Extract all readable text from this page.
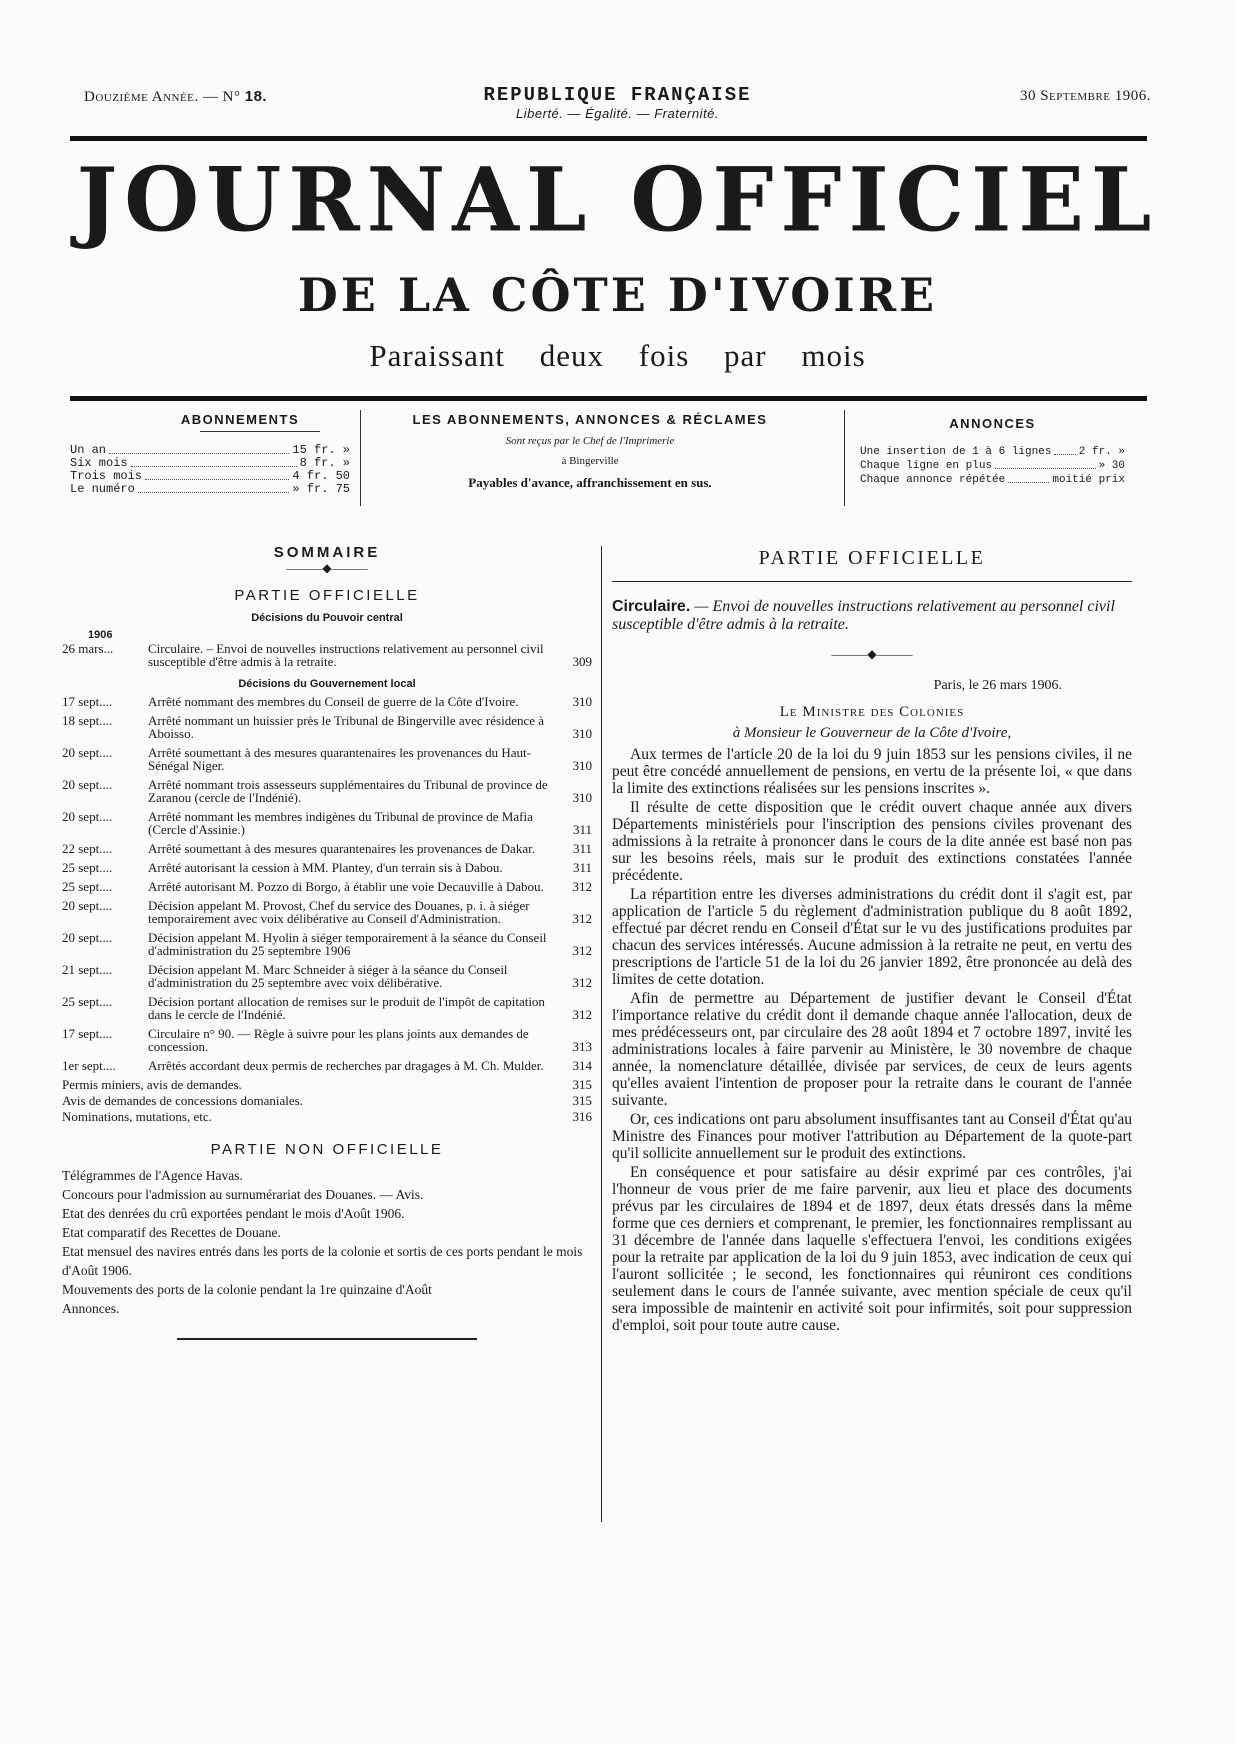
Douzième Année. — N° 18.	REPUBLIQUE FRANÇAISE
Liberté. — Égalité. — Fraternité.
30 Septembre 1906.
JOURNAL OFFICIEL
DE LA CÔTE D'IVOIRE
Paraissant deux fois par mois
ABONNEMENTS
Un an	15 fr. »
Six mois	8 fr. »
Trois mois	4 fr. 50
Le numéro	» fr. 75
LES ABONNEMENTS, ANNONCES & RÉCLAMES
Sont reçus par le Chef de l'Imprimerie
à Bingerville
Payables d'avance, affranchissement en sus.
ANNONCES
Une insertion de 1 à 6 lignes 2 fr. »
Chaque ligne en plus	» 30
Chaque annonce répétée	moitié prix
SOMMAIRE
———◆———
PARTIE OFFICIELLE
Décisions du Pouvoir central
1906
26 mars...	Circulaire. – Envoi de nouvelles instructions relativement au personnel civil susceptible d'être admis à la retraite.	309
Décisions du Gouvernement local
17 sept....	Arrêté nommant des membres du Conseil de guerre de la Côte d'Ivoire.	310
18 sept....	Arrêté nommant un huissier près le Tribunal de Bingerville avec résidence à Aboisso.	310
20 sept....	Arrêté soumettant à des mesures quarantenaires les provenances du Haut-Sénégal Niger.	310
20 sept....	Arrêté nommant trois assesseurs supplémentaires du Tribunal de province de Zaranou (cercle de l'Indénié).	310
20 sept....	Arrêté nommant les membres indigènes du Tribunal de province de Mafia (Cercle d'Assinie.)	311
22 sept....	Arrêté soumettant à des mesures quarantenaires les provenances de Dakar.	311
25 sept....	Arrêté autorisant la cession à MM. Plantey, d'un terrain sis à Dabou.	311
25 sept....	Arrêté autorisant M. Pozzo di Borgo, à établir une voie Decauville à Dabou.	312
20 sept....	Décision appelant M. Provost, Chef du service des Douanes, p. i. à siéger temporairement avec voix délibérative au Conseil d'Administration.	312
20 sept....	Décision appelant M. Hyolin à siéger temporairement à la séance du Conseil d'administration du 25 septembre 1906	312
21 sept....	Décision appelant M. Marc Schneider à siéger à la séance du Conseil d'administration du 25 septembre avec voix délibérative.	312
25 sept....	Décision portant allocation de remises sur le produit de l'impôt de capitation dans le cercle de l'Indénié.	312
17 sept....	Circulaire n° 90. — Règle à suivre pour les plans joints aux demandes de concession.	313
1er sept....	Arrêtés accordant deux permis de recherches par dragages à M. Ch. Mulder.	314
Permis miniers, avis de demandes.	315
Avis de demandes de concessions domaniales.	315
Nominations, mutations, etc.	316
PARTIE NON OFFICIELLE
Télégrammes de l'Agence Havas.
Concours pour l'admission au surnumérariat des Douanes. — Avis.
Etat des denrées du crû exportées pendant le mois d'Août 1906.
Etat comparatif des Recettes de Douane.
Etat mensuel des navires entrés dans les ports de la colonie et sortis de ces ports pendant le mois d'Août 1906.
Mouvements des ports de la colonie pendant la 1re quinzaine d'Août
Annonces.
PARTIE OFFICIELLE
Circulaire. — Envoi de nouvelles instructions relativement au personnel civil susceptible d'être admis à la retraite.
———◆———
Paris, le 26 mars 1906.
Le Ministre des Colonies
à Monsieur le Gouverneur de la Côte d'Ivoire,

Aux termes de l'article 20 de la loi du 9 juin 1853 sur les pensions civiles, il ne peut être concédé annuellement de pensions, en vertu de la présente loi, « que dans la limite des extinctions réalisées sur les pensions inscrites ».

Il résulte de cette disposition que le crédit ouvert chaque année aux divers Départements ministériels pour l'inscription des pensions civiles provenant des admissions à la retraite à prononcer dans le cours de la dite année est basé non pas sur les besoins réels, mais sur le produit des extinctions constatées l'année précédente.

La répartition entre les diverses administrations du crédit dont il s'agit est, par application de l'article 5 du règlement d'administration publique du 8 août 1892, effectué par décret rendu en Conseil d'État sur le vu des justifications produites par chacun des services intéressés. Aucune admission à la retraite ne peut, en vertu des prescriptions de l'article 51 de la loi du 26 janvier 1892, être prononcée au delà des limites de cette dotation.

Afin de permettre au Département de justifier devant le Conseil d'État l'importance relative du crédit dont il demande chaque année l'allocation, deux de mes prédécesseurs ont, par circulaire des 28 août 1894 et 7 octobre 1897, invité les administrations locales à faire parvenir au Ministère, le 30 novembre de chaque année, la nomenclature détaillée, divisée par services, de ceux de leurs agents qu'elles avaient l'intention de proposer pour la retraite dans le courant de l'année suivante.

Or, ces indications ont paru absolument insuffisantes tant au Conseil d'État qu'au Ministre des Finances pour motiver l'attribution au Département de la quote-part qu'il sollicite annuellement sur le produit des extinctions.

En conséquence et pour satisfaire au désir exprimé par ces contrôles, j'ai l'honneur de vous prier de me faire parvenir, aux lieu et place des documents prévus par les circulaires de 1894 et de 1897, deux états dressés dans la même forme que ces derniers et comprenant, le premier, les fonctionnaires remplissant au 31 décembre de l'année dans laquelle s'effectuera l'envoi, les conditions exigées pour la retraite par application de la loi du 9 juin 1853, avec indication de ceux qui l'auront sollicitée ; le second, les fonctionnaires qui réuniront ces conditions seulement dans le cours de l'année suivante, avec mention spéciale de ceux qu'il sera impossible de maintenir en activité soit pour infirmités, soit pour suppression d'emploi, soit pour toute autre cause.
